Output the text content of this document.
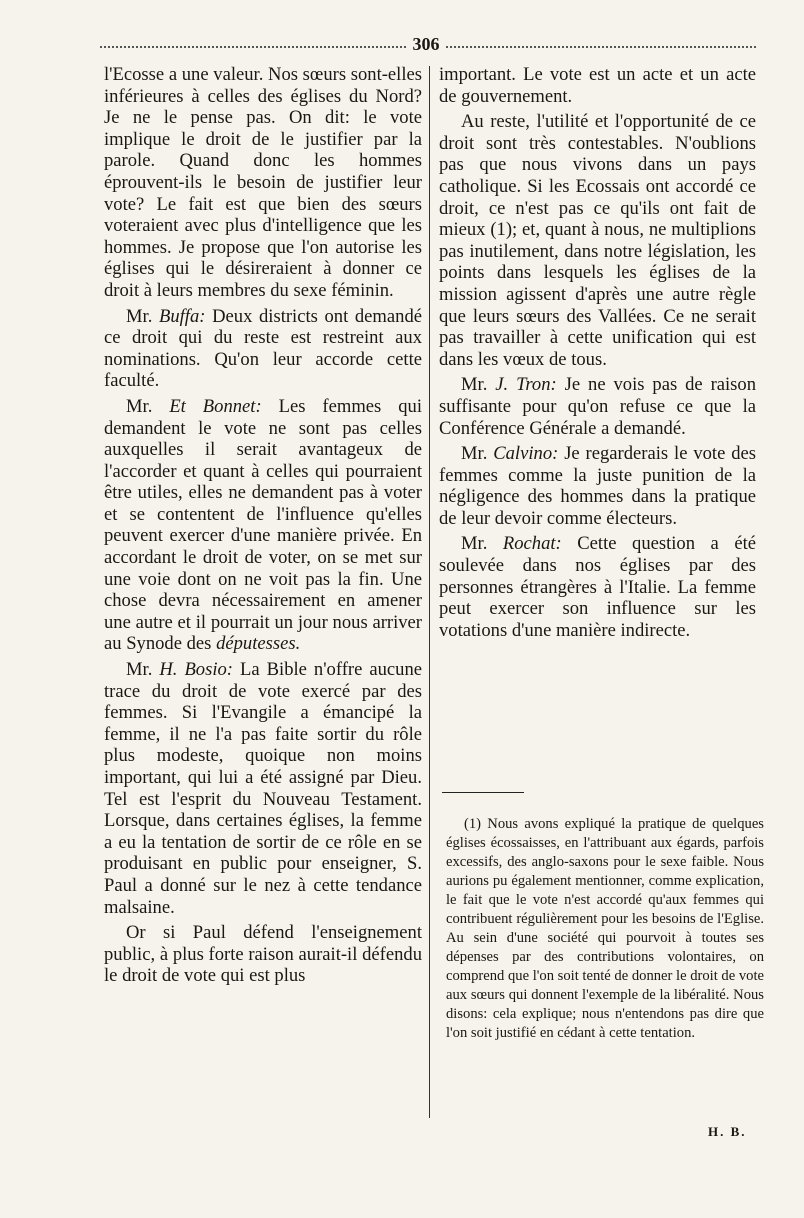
306

l'Ecosse a une valeur. Nos sœurs sont-elles inférieures à celles des églises du Nord? Je ne le pense pas. On dit: le vote implique le droit de le justifier par la parole. Quand donc les hommes éprouvent-ils le besoin de justifier leur vote? Le fait est que bien des sœurs voteraient avec plus d'intelligence que les hommes. Je propose que l'on autorise les églises qui le désireraient à donner ce droit à leurs membres du sexe féminin.

Mr. Buffa: Deux districts ont demandé ce droit qui du reste est restreint aux nominations. Qu'on leur accorde cette faculté.

Mr. Et Bonnet: Les femmes qui demandent le vote ne sont pas celles auxquelles il serait avantageux de l'accorder et quant à celles qui pourraient être utiles, elles ne demandent pas à voter et se contentent de l'influence qu'elles peuvent exercer d'une manière privée. En accordant le droit de voter, on se met sur une voie dont on ne voit pas la fin. Une chose devra nécessairement en amener une autre et il pourrait un jour nous arriver au Synode des députesses.

Mr. H. Bosio: La Bible n'offre aucune trace du droit de vote exercé par des femmes. Si l'Evangile a émancipé la femme, il ne l'a pas faite sortir du rôle plus modeste, quoique non moins important, qui lui a été assigné par Dieu. Tel est l'esprit du Nouveau Testament. Lorsque, dans certaines églises, la femme a eu la tentation de sortir de ce rôle en se produisant en public pour enseigner, S. Paul a donné sur le nez à cette tendance malsaine.

Or si Paul défend l'enseignement public, à plus forte raison aurait-il défendu le droit de vote qui est plus

important. Le vote est un acte et un acte de gouvernement.

Au reste, l'utilité et l'opportunité de ce droit sont très contestables. N'oublions pas que nous vivons dans un pays catholique. Si les Ecossais ont accordé ce droit, ce n'est pas ce qu'ils ont fait de mieux (1); et, quant à nous, ne multiplions pas inutilement, dans notre législation, les points dans lesquels les églises de la mission agissent d'après une autre règle que leurs sœurs des Vallées. Ce ne serait pas travailler à cette unification qui est dans les vœux de tous.

Mr. J. Tron: Je ne vois pas de raison suffisante pour qu'on refuse ce que la Conférence Générale a demandé.

Mr. Calvino: Je regarderais le vote des femmes comme la juste punition de la négligence des hommes dans la pratique de leur devoir comme électeurs.

Mr. Rochat: Cette question a été soulevée dans nos églises par des personnes étrangères à l'Italie. La femme peut exercer son influence sur les votations d'une manière indirecte.

(1) Nous avons expliqué la pratique de quelques églises écossaisses, en l'attribuant aux égards, parfois excessifs, des anglo-saxons pour le sexe faible. Nous aurions pu également mentionner, comme explication, le fait que le vote n'est accordé qu'aux femmes qui contribuent régulièrement pour les besoins de l'Eglise. Au sein d'une société qui pourvoit à toutes ses dépenses par des contributions volontaires, on comprend que l'on soit tenté de donner le droit de vote aux sœurs qui donnent l'exemple de la libéralité. Nous disons: cela explique; nous n'entendons pas dire que l'on soit justifié en cédant à cette tentation.

H. B.
